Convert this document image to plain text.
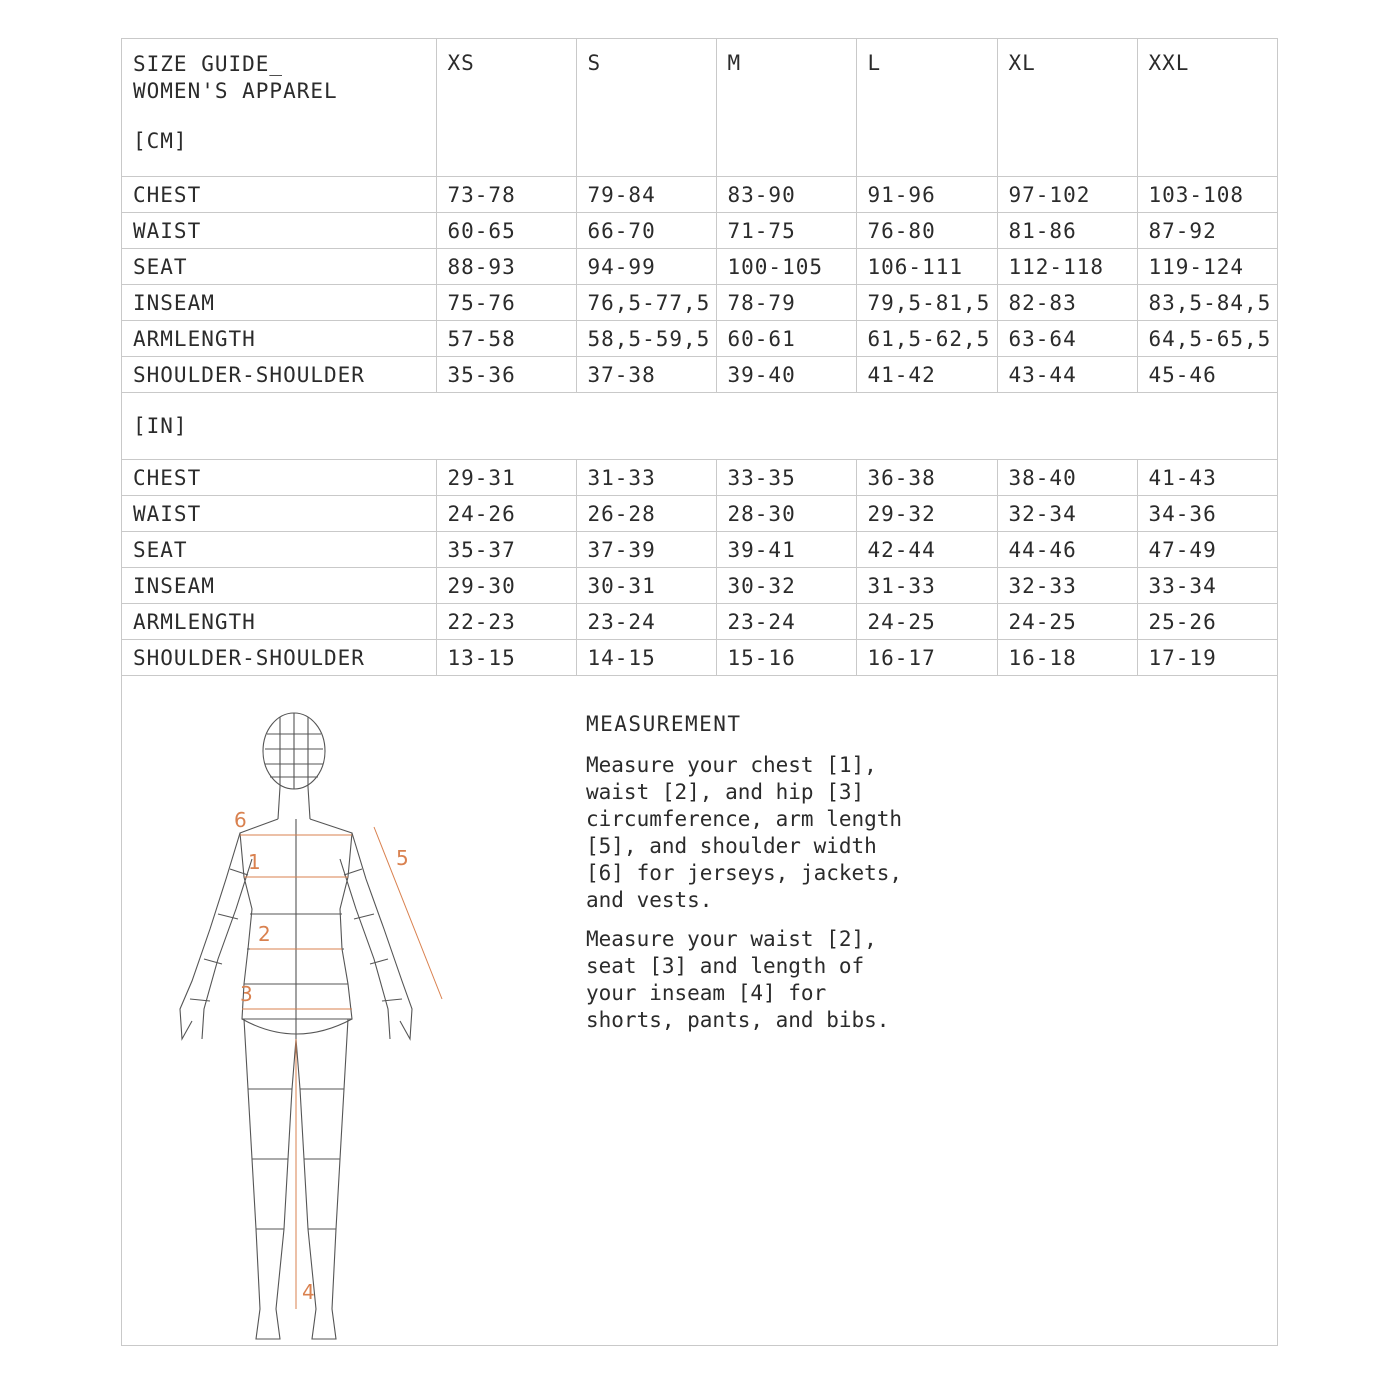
SIZE GUIDE_
WOMEN'S APPAREL
[CM]	XS	S	M	L	XL	XXL
CHEST	73-78	79-84	83-90	91-96	97-102	103-108
WAIST	60-65	66-70	71-75	76-80	81-86	87-92
SEAT	88-93	94-99	100-105	106-111	112-118	119-124
INSEAM	75-76	76,5-77,5	78-79	79,5-81,5	82-83	83,5-84,5
ARMLENGTH	57-58	58,5-59,5	60-61	61,5-62,5	63-64	64,5-65,5
SHOULDER-SHOULDER	35-36	37-38	39-40	41-42	43-44	45-46
[IN]						
CHEST	29-31	31-33	33-35	36-38	38-40	41-43
WAIST	24-26	26-28	28-30	29-32	32-34	34-36
SEAT	35-37	37-39	39-41	42-44	44-46	47-49
INSEAM	29-30	30-31	30-32	31-33	32-33	33-34
ARMLENGTH	22-23	23-24	23-24	24-25	24-25	25-26
SHOULDER-SHOULDER	13-15	14-15	15-16	16-17	16-18	17-19
1
2
3
4
5
6
MEASUREMENT

Measure your chest [1], waist [2], and hip [3] circumference, arm length [5], and shoulder width [6] for jerseys, jackets, and vests.

Measure your waist [2], seat [3] and length of your inseam [4] for shorts, pants, and bibs.
